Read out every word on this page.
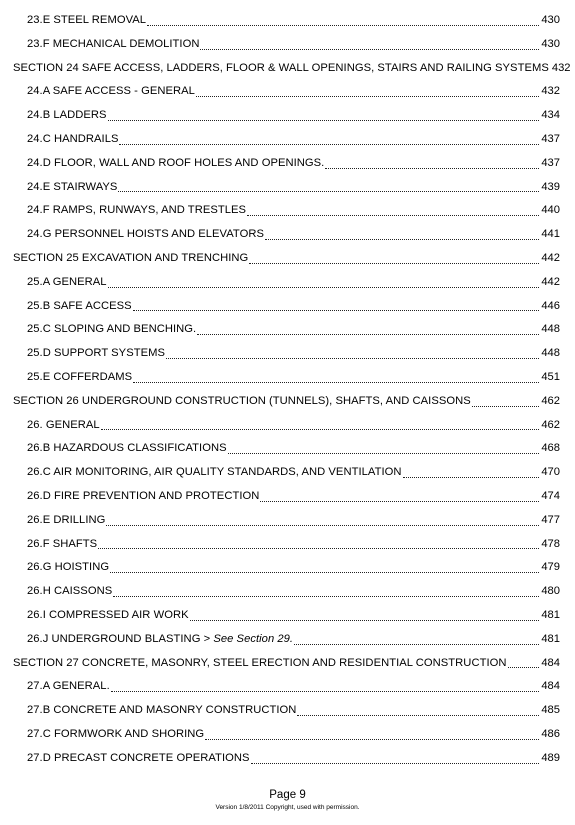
23.E STEEL REMOVAL	430
23.F MECHANICAL DEMOLITION	430
SECTION 24 SAFE ACCESS, LADDERS, FLOOR & WALL OPENINGS, STAIRS AND RAILING SYSTEMS 432
24.A SAFE ACCESS - GENERAL	432
24.B LADDERS	434
24.C HANDRAILS	437
24.D FLOOR, WALL AND ROOF HOLES AND OPENINGS.	437
24.E STAIRWAYS	439
24.F RAMPS, RUNWAYS, AND TRESTLES	440
24.G PERSONNEL HOISTS AND ELEVATORS	441
SECTION 25 EXCAVATION AND TRENCHING	442
25.A GENERAL	442
25.B SAFE ACCESS	446
25.C SLOPING AND BENCHING.	448
25.D SUPPORT SYSTEMS	448
25.E COFFERDAMS	451
SECTION 26 UNDERGROUND CONSTRUCTION (TUNNELS), SHAFTS, AND CAISSONS	462
26. GENERAL	462
26.B HAZARDOUS CLASSIFICATIONS	468
26.C AIR MONITORING, AIR QUALITY STANDARDS, AND VENTILATION	470
26.D FIRE PREVENTION AND PROTECTION	474
26.E DRILLING	477
26.F SHAFTS	478
26.G HOISTING	479
26.H CAISSONS	480
26.I COMPRESSED AIR WORK	481
26.J UNDERGROUND BLASTING > See Section 29.	481
SECTION 27 CONCRETE, MASONRY, STEEL ERECTION AND RESIDENTIAL CONSTRUCTION	484
27.A GENERAL.	484
27.B CONCRETE AND MASONRY CONSTRUCTION	485
27.C FORMWORK AND SHORING	486
27.D PRECAST CONCRETE OPERATIONS	489
Page 9
Version 1/8/2011 Copyright, used with permission.
